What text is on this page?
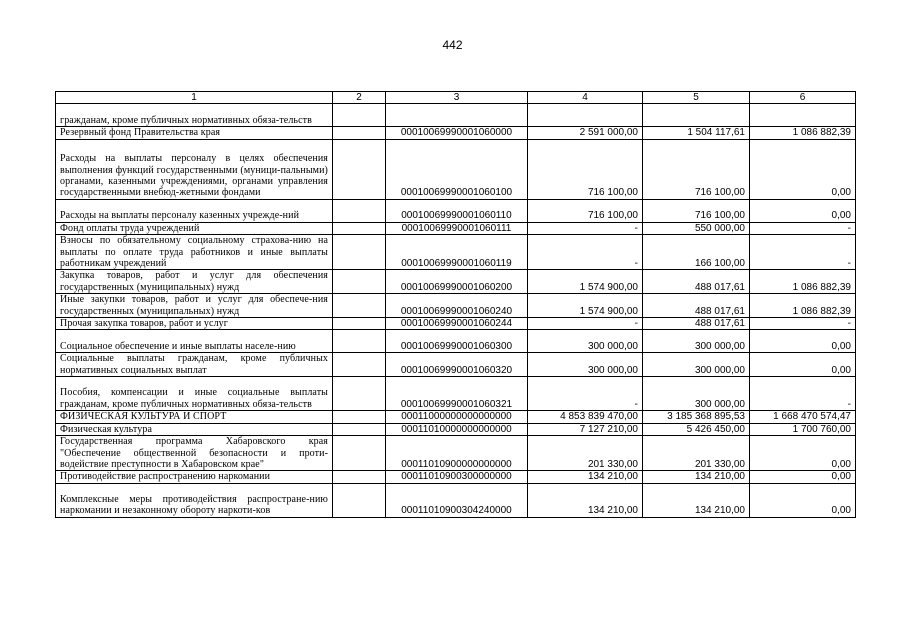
442
1	2	3	4	5	6
гражданам, кроме публичных нормативных обяза-тельств					
Резервный фонд Правительства края		00010069990001060000	2 591 000,00	1 504 117,61	1 086 882,39
Расходы на выплаты персоналу в целях обеспечения выполнения функций государственными (муници-пальными) органами, казенными учреждениями, органами управления государственными внебюд-жетными фондами		00010069990001060100	716 100,00	716 100,00	0,00
Расходы на выплаты персоналу казенных учрежде-ний		00010069990001060110	716 100,00	716 100,00	0,00
Фонд оплаты труда учреждений		00010069990001060111	-	550 000,00	-
Взносы по обязательному социальному страхова-нию на выплаты по оплате труда работников и иные выплаты работникам учреждений		00010069990001060119	-	166 100,00	-
Закупка товаров, работ и услуг для обеспечения государственных (муниципальных) нужд		00010069990001060200	1 574 900,00	488 017,61	1 086 882,39
Иные закупки товаров, работ и услуг для обеспече-ния государственных (муниципальных) нужд		00010069990001060240	1 574 900,00	488 017,61	1 086 882,39
Прочая закупка товаров, работ и услуг		00010069990001060244	-	488 017,61	-
Социальное обеспечение и иные выплаты населе-нию		00010069990001060300	300 000,00	300 000,00	0,00
Социальные выплаты гражданам, кроме публичных нормативных социальных выплат		00010069990001060320	300 000,00	300 000,00	0,00
Пособия, компенсации и иные социальные выплаты гражданам, кроме публичных нормативных обяза-тельств		00010069990001060321	-	300 000,00	-
ФИЗИЧЕСКАЯ КУЛЬТУРА И СПОРТ		00011000000000000000	4 853 839 470,00	3 185 368 895,53	1 668 470 574,47
Физическая культура		00011010000000000000	7 127 210,00	5 426 450,00	1 700 760,00
Государственная программа Хабаровского края "Обеспечение общественной безопасности и проти-водействие преступности в Хабаровском крае"		00011010900000000000	201 330,00	201 330,00	0,00
Противодействие распространению наркомании		00011010900300000000	134 210,00	134 210,00	0,00
Комплексные меры противодействия распростране-нию наркомании и незаконному обороту наркоти-ков		00011010900304240000	134 210,00	134 210,00	0,00
